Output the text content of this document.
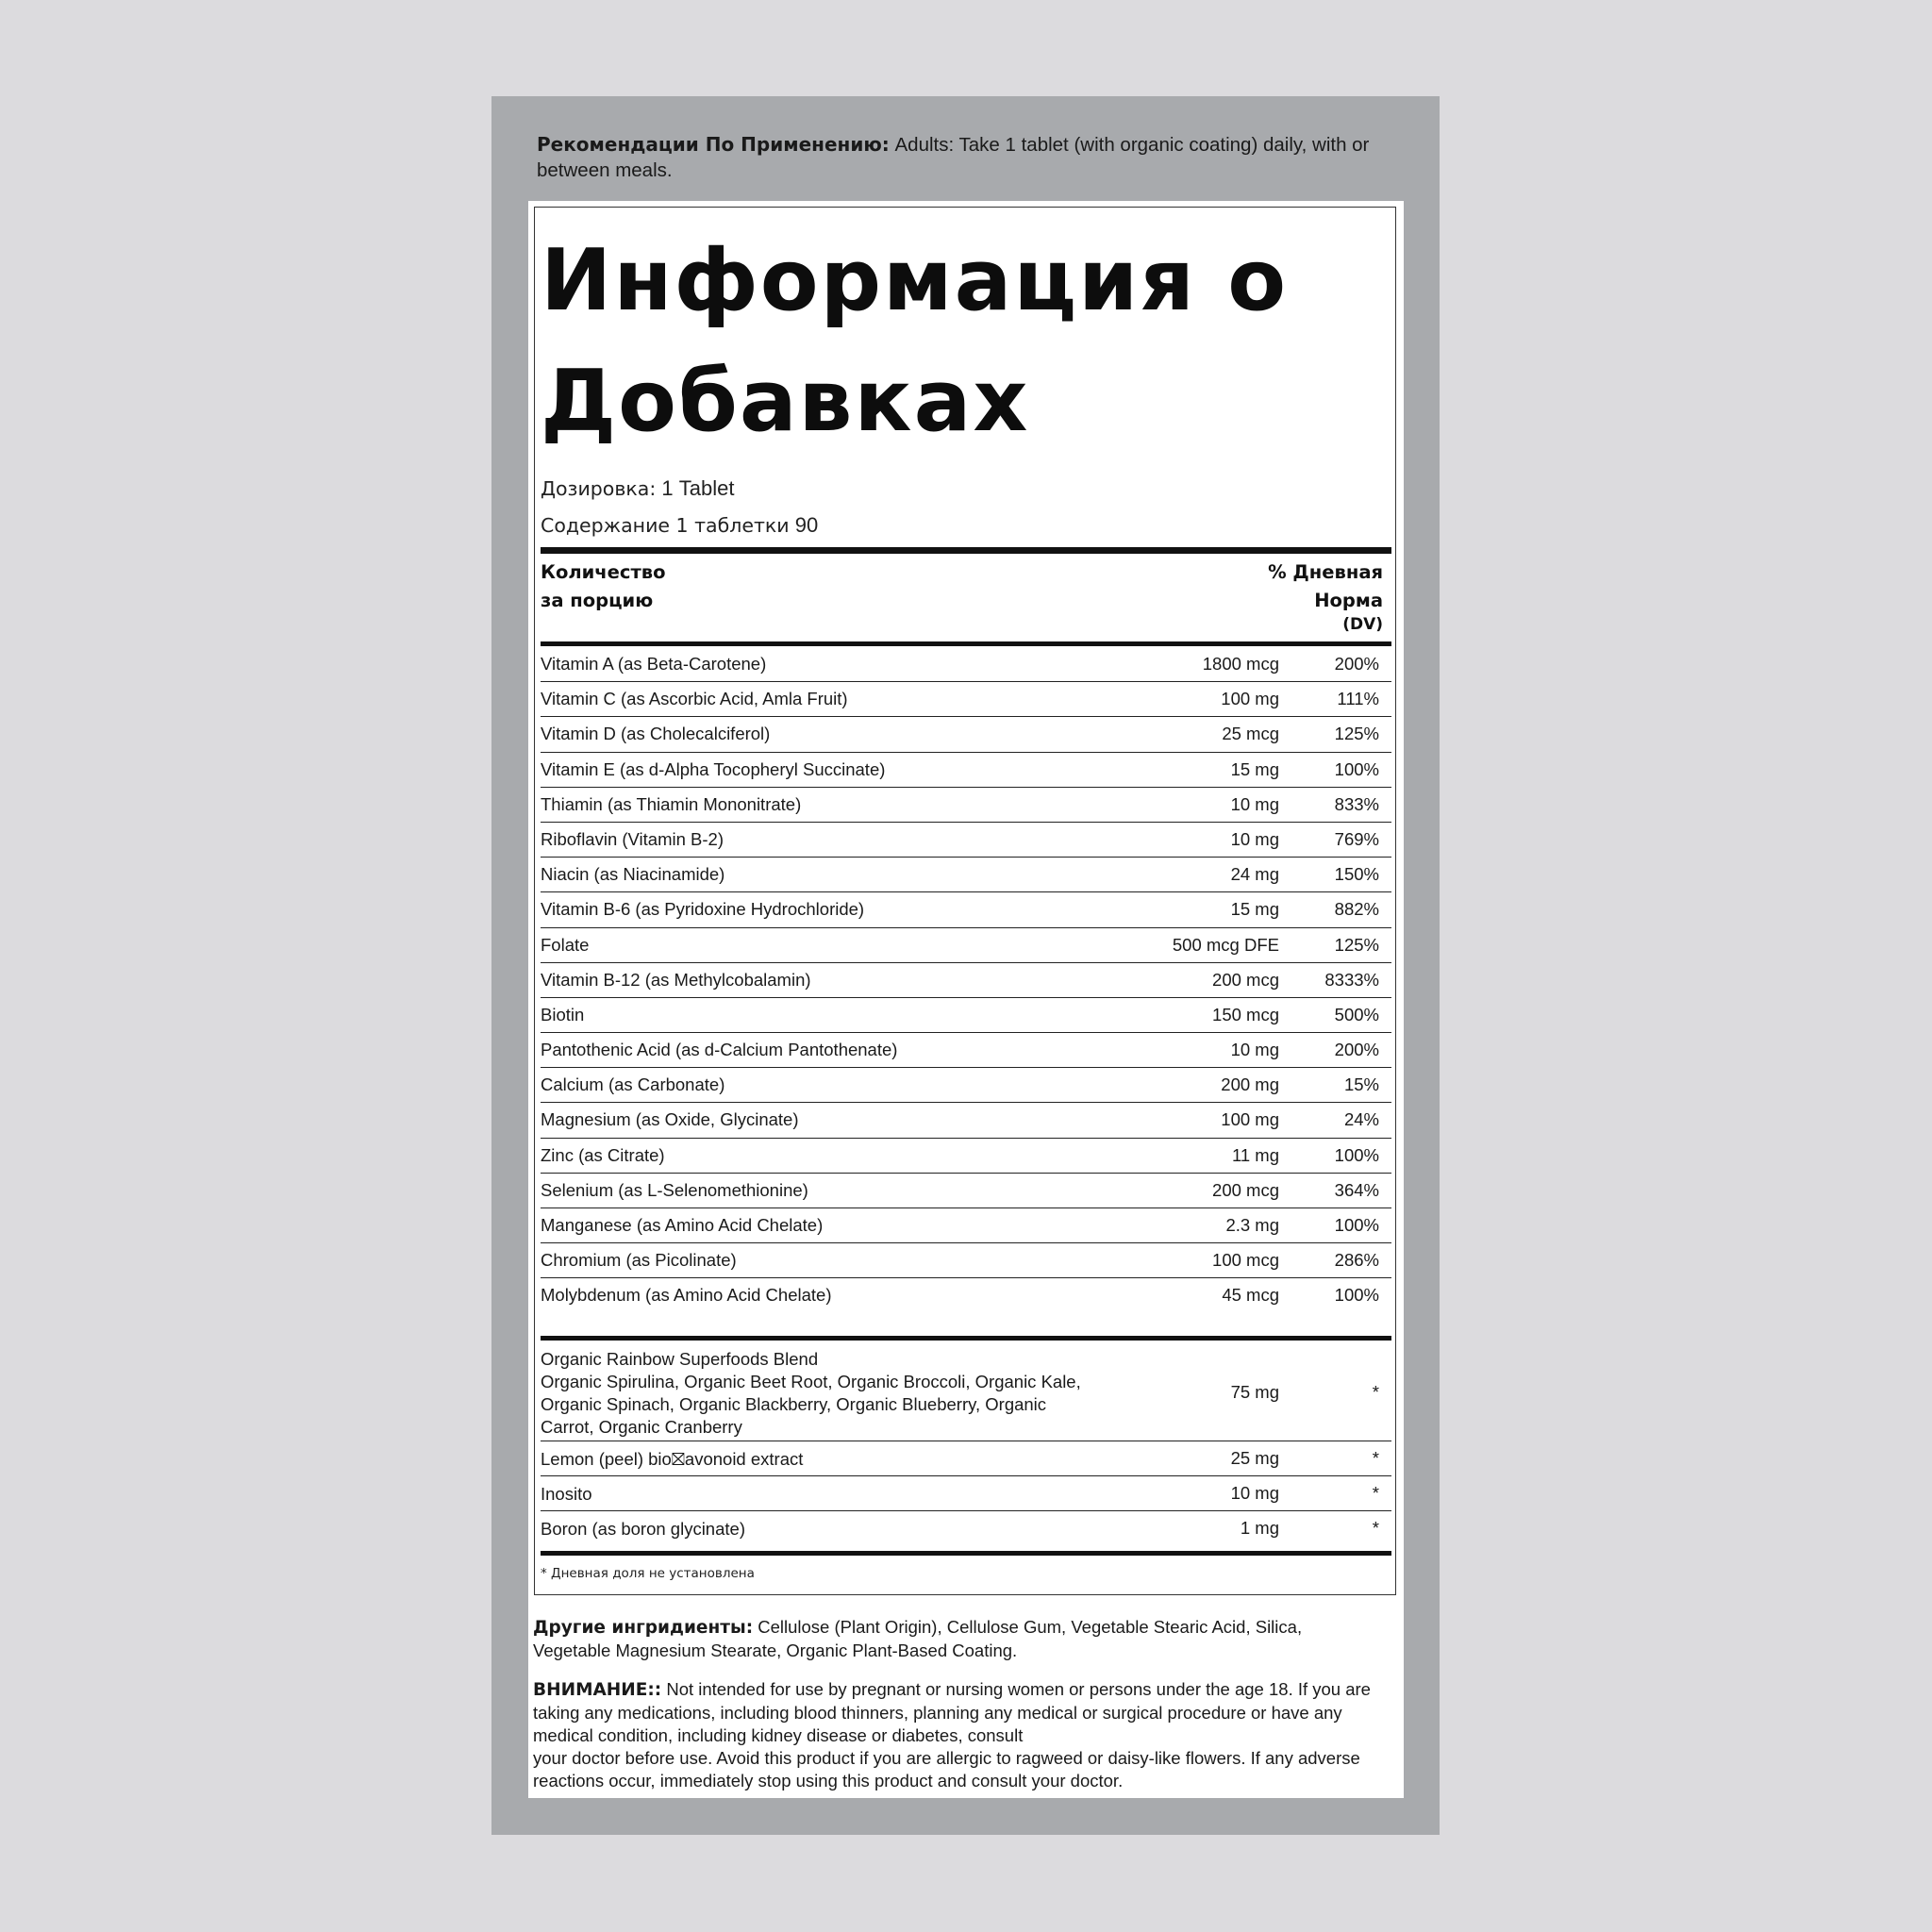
Рекомендации По Применению: Adults: Take 1 tablet (with organic coating) daily, with or between meals.
Информация о Добавках
Дозировка: 1 Tablet
Содержание 1 таблетки 90
Количество
за порцию
% Дневная
Норма
(DV)
Vitamin A (as Beta-Carotene)	1800 mcg	200%
Vitamin C (as Ascorbic Acid, Amla Fruit)	100 mg	111%
Vitamin D (as Cholecalciferol)	25 mcg	125%
Vitamin E (as d-Alpha Tocopheryl Succinate)	15 mg	100%
Thiamin (as Thiamin Mononitrate)	10 mg	833%
Riboflavin (Vitamin B-2)	10 mg	769%
Niacin (as Niacinamide)	24 mg	150%
Vitamin B-6 (as Pyridoxine Hydrochloride)	15 mg	882%
Folate	500 mcg DFE	125%
Vitamin B-12 (as Methylcobalamin)	200 mcg	8333%
Biotin	150 mcg	500%
Pantothenic Acid (as d-Calcium Pantothenate)	10 mg	200%
Calcium (as Carbonate)	200 mg	15%
Magnesium (as Oxide, Glycinate)	100 mg	24%
Zinc (as Citrate)	11 mg	100%
Selenium (as L-Selenomethionine)	200 mcg	364%
Manganese (as Amino Acid Chelate)	2.3 mg	100%
Chromium (as Picolinate)	100 mcg	286%
Molybdenum (as Amino Acid Chelate)	45 mcg	100%
Organic Rainbow Superfoods Blend
Organic Spirulina, Organic Beet Root, Organic Broccoli, Organic Kale, Organic Spinach, Organic Blackberry, Organic Blueberry, Organic Carrot, Organic Cranberry
75 mg	*
Lemon (peel) bio⛝avonoid extract	25 mg	*
Inosito	10 mg	*
Boron (as boron glycinate)	1 mg	*
* Дневная доля не установлена
Другие ингридиенты: Cellulose (Plant Origin), Cellulose Gum, Vegetable Stearic Acid, Silica, Vegetable Magnesium Stearate, Organic Plant-Based Coating.
ВНИМАНИЕ:: Not intended for use by pregnant or nursing women or persons under the age 18. If you are taking any medications, including blood thinners, planning any medical or surgical procedure or have any medical condition, including kidney disease or diabetes, consult
your doctor before use. Avoid this product if you are allergic to ragweed or daisy-like flowers. If any adverse reactions occur, immediately stop using this product and consult your doctor.
